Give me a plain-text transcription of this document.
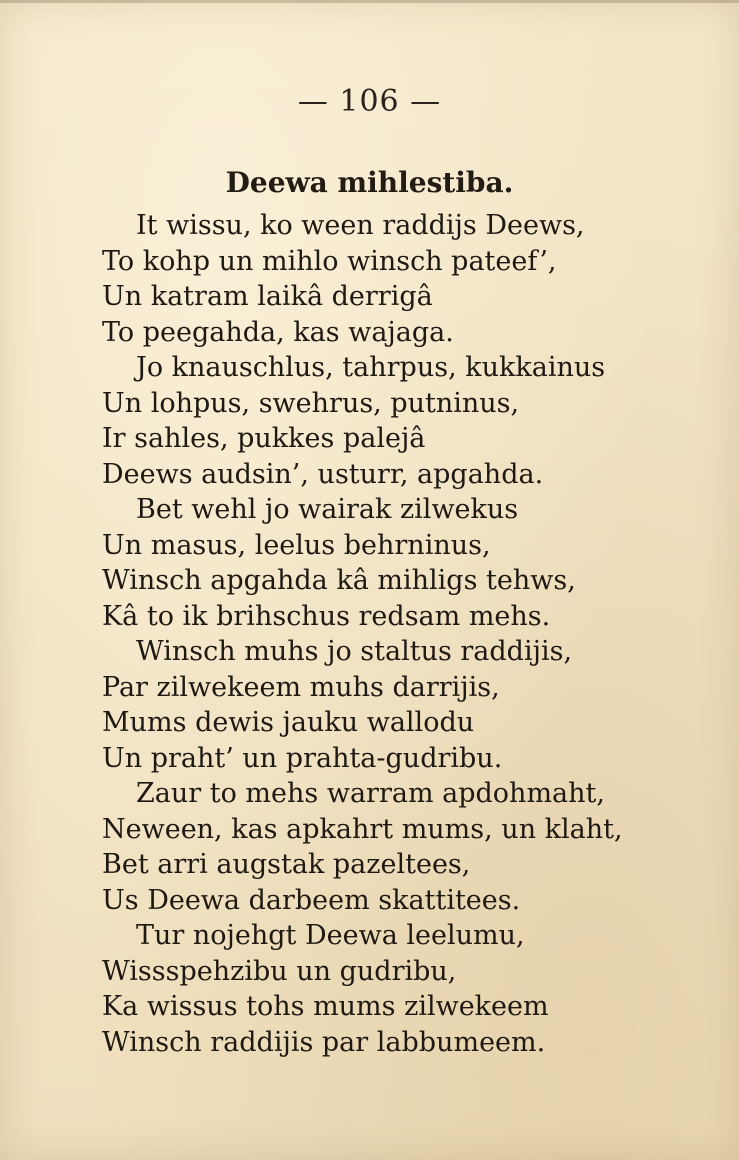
— 106 —
Deewa mihlestiba.
It wissu, ko ween raddijs Deews,
To kohp un mihlo winsch pateef’,
Un katram laikâ derrigâ
To peegahda, kas wajaga.
Jo knauschlus, tahrpus, kukkainus
Un lohpus, swehrus, putninus,
Ir sahles, pukkes palejâ
Deews audsin’, usturr, apgahda.
Bet wehl jo wairak zilwekus
Un masus, leelus behrninus,
Winsch apgahda kâ mihligs tehws,
Kâ to ik brihschus redsam mehs.
Winsch muhs jo staltus raddijis,
Par zilwekeem muhs darrijis,
Mums dewis jauku wallodu
Un praht’ un prahta-gudribu.
Zaur to mehs warram apdohmaht,
Neween, kas apkahrt mums, un klaht,
Bet arri augstak pazeltees,
Us Deewa darbeem skattitees.
Tur nojehgt Deewa leelumu,
Wissspehzibu un gudribu,
Ka wissus tohs mums zilwekeem
Winsch raddijis par labbumeem.
